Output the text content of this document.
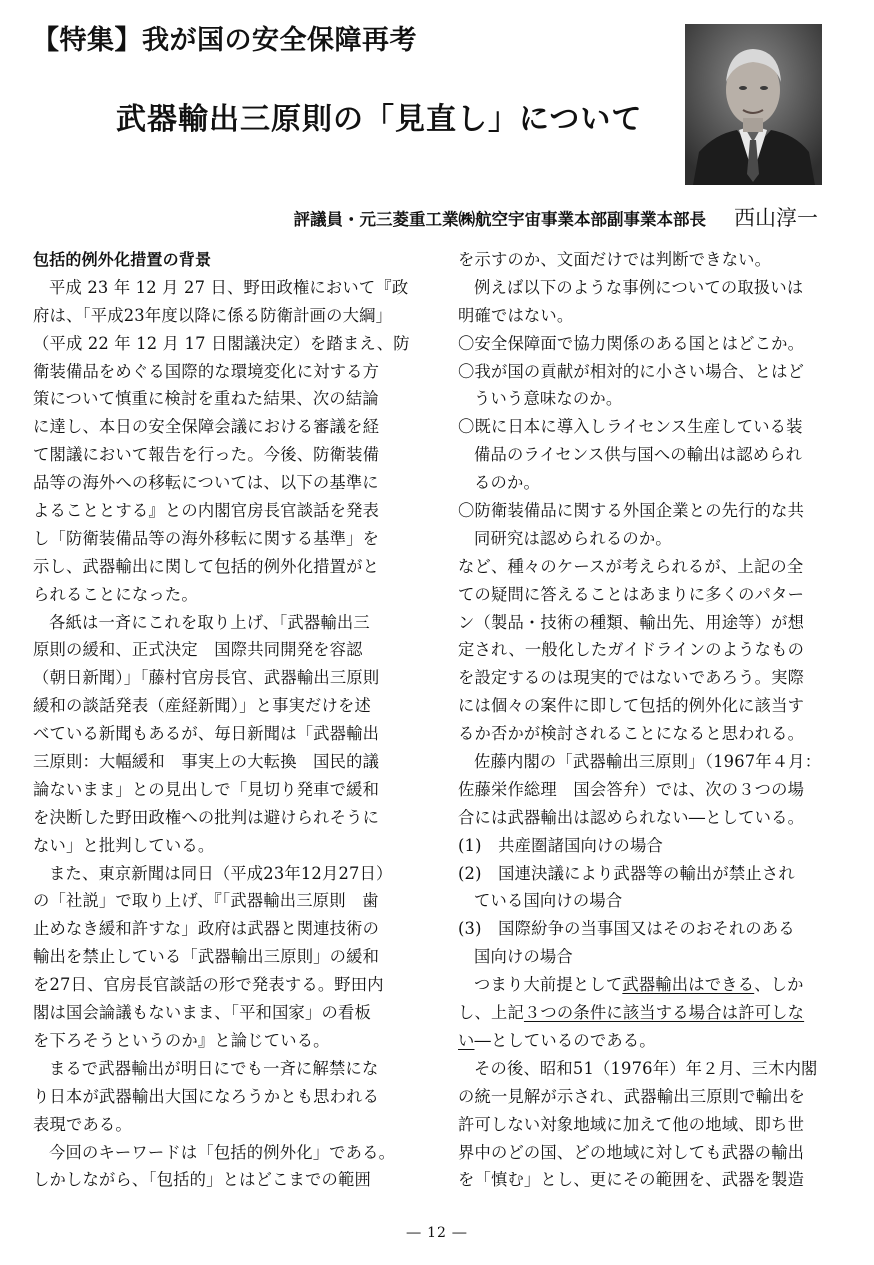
【特集】我が国の安全保障再考
武器輸出三原則の「見直し」について
評議員・元三菱重工業㈱航空宇宙事業本部副事業本部長 西山淳一
包括的例外化措置の背景
平成 23 年 12 月 27 日、野田政権において『政
府は、「平成23年度以降に係る防衛計画の大綱」
（平成 22 年 12 月 17 日閣議決定）を踏まえ、防
衛装備品をめぐる国際的な環境変化に対する方
策について慎重に検討を重ねた結果、次の結論
に達し、本日の安全保障会議における審議を経
て閣議において報告を行った。今後、防衛装備
品等の海外への移転については、以下の基準に
よることとする』との内閣官房長官談話を発表
し「防衛装備品等の海外移転に関する基準」を
示し、武器輸出に関して包括的例外化措置がと
られることになった。
各紙は一斉にこれを取り上げ、「武器輸出三
原則の緩和、正式決定　国際共同開発を容認
（朝日新聞）」「藤村官房長官、武器輸出三原則
緩和の談話発表（産経新聞）」と事実だけを述
べている新聞もあるが、毎日新聞は「武器輸出
三原則：大幅緩和　事実上の大転換　国民的議
論ないまま」との見出しで「見切り発車で緩和
を決断した野田政権への批判は避けられそうに
ない」と批判している。
また、東京新聞は同日（平成23年12月27日）
の「社説」で取り上げ、『「武器輸出三原則　歯
止めなき緩和許すな」政府は武器と関連技術の
輸出を禁止している「武器輸出三原則」の緩和
を27日、官房長官談話の形で発表する。野田内
閣は国会論議もないまま、「平和国家」の看板
を下ろそうというのか』と論じている。
まるで武器輸出が明日にでも一斉に解禁にな
り日本が武器輸出大国になろうかとも思われる
表現である。
今回のキーワードは「包括的例外化」である。
しかしながら、「包括的」とはどこまでの範囲
を示すのか、文面だけでは判断できない。
例えば以下のような事例についての取扱いは
明確ではない。
〇安全保障面で協力関係のある国とはどこか。
〇我が国の貢献が相対的に小さい場合、とはど
ういう意味なのか。
〇既に日本に導入しライセンス生産している装
備品のライセンス供与国への輸出は認められ
るのか。
〇防衛装備品に関する外国企業との先行的な共
同研究は認められるのか。
など、種々のケースが考えられるが、上記の全
ての疑問に答えることはあまりに多くのパター
ン（製品・技術の種類、輸出先、用途等）が想
定され、一般化したガイドラインのようなもの
を設定するのは現実的ではないであろう。実際
には個々の案件に即して包括的例外化に該当す
るか否かが検討されることになると思われる。
佐藤内閣の「武器輸出三原則」（1967年４月：
佐藤栄作総理　国会答弁）では、次の３つの場
合には武器輸出は認められない―としている。
(1)　共産圏諸国向けの場合
(2)　国連決議により武器等の輸出が禁止され
ている国向けの場合
(3)　国際紛争の当事国又はそのおそれのある
国向けの場合
つまり大前提として武器輸出はできる、しか
し、上記３つの条件に該当する場合は許可しな
い―としているのである。
その後、昭和51（1976年）年２月、三木内閣
の統一見解が示され、武器輸出三原則で輸出を
許可しない対象地域に加えて他の地域、即ち世
界中のどの国、どの地域に対しても武器の輸出
を「慎む」とし、更にその範囲を、武器を製造
― 12 ―
